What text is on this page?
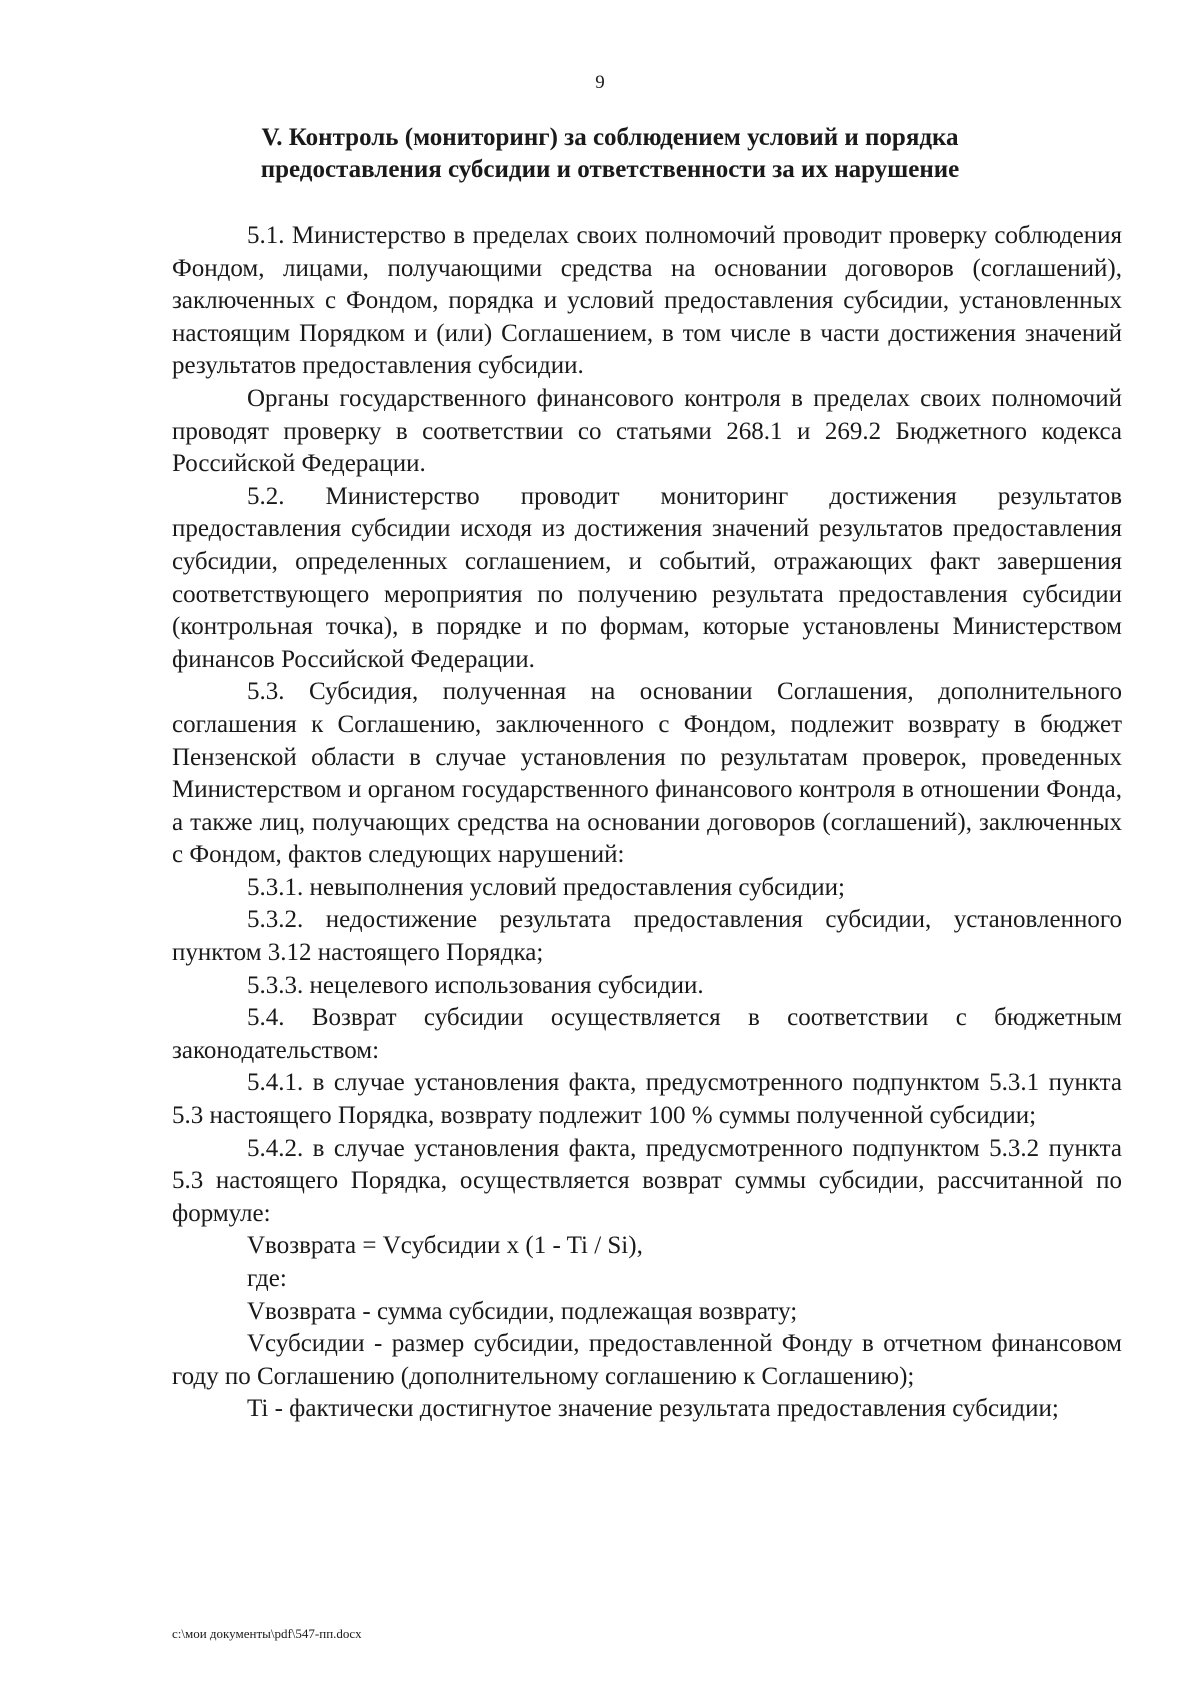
9
V. Контроль (мониторинг) за соблюдением условий и порядка
предоставления субсидии и ответственности за их нарушение

5.1. Министерство в пределах своих полномочий проводит проверку соблюдения Фондом, лицами, получающими средства на основании договоров (соглашений), заключенных с Фондом, порядка и условий предоставления субсидии, установленных настоящим Порядком и (или) Соглашением, в том числе в части достижения значений результатов предоставления субсидии.

Органы государственного финансового контроля в пределах своих полномочий проводят проверку в соответствии со статьями 268.1 и 269.2 Бюджетного кодекса Российской Федерации.

5.2. Министерство проводит мониторинг достижения результатов предоставления субсидии исходя из достижения значений результатов предоставления субсидии, определенных соглашением, и событий, отражающих факт завершения соответствующего мероприятия по получению результата предоставления субсидии (контрольная точка), в порядке и по формам, которые установлены Министерством финансов Российской Федерации.

5.3. Субсидия, полученная на основании Соглашения, дополнительного соглашения к Соглашению, заключенного с Фондом, подлежит возврату в бюджет Пензенской области в случае установления по результатам проверок, проведенных Министерством и органом государственного финансового контроля в отношении Фонда, а также лиц, получающих средства на основании договоров (соглашений), заключенных с Фондом, фактов следующих нарушений:

5.3.1. невыполнения условий предоставления субсидии;

5.3.2. недостижение результата предоставления субсидии, установленного пунктом 3.12 настоящего Порядка;

5.3.3. нецелевого использования субсидии.

5.4. Возврат субсидии осуществляется в соответствии с бюджетным законодательством:

5.4.1. в случае установления факта, предусмотренного подпунктом 5.3.1 пункта 5.3 настоящего Порядка, возврату подлежит 100 % суммы полученной субсидии;

5.4.2. в случае установления факта, предусмотренного подпунктом 5.3.2 пункта 5.3 настоящего Порядка, осуществляется возврат суммы субсидии, рассчитанной по формуле:

Vвозврата = Vсубсидии x (1 - Ti / Si),

где:

Vвозврата - сумма субсидии, подлежащая возврату;

Vсубсидии - размер субсидии, предоставленной Фонду в отчетном финансовом году по Соглашению (дополнительному соглашению к Соглашению);

Ti - фактически достигнутое значение результата предоставления субсидии;

c:\мои документы\pdf\547-пп.docx
